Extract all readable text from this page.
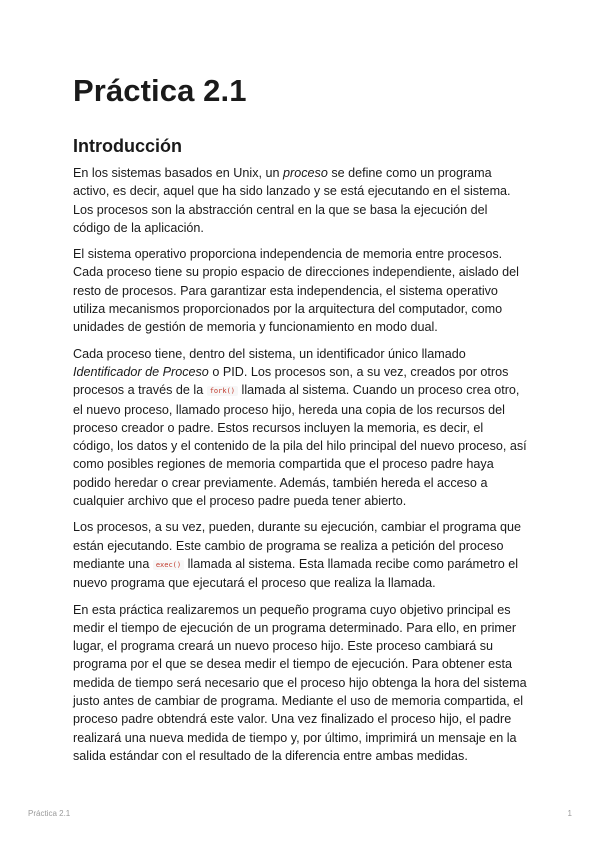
Práctica 2.1
Introducción

En los sistemas basados en Unix, un proceso se define como un programa activo, es decir, aquel que ha sido lanzado y se está ejecutando en el sistema. Los procesos son la abstracción central en la que se basa la ejecución del código de la aplicación.

El sistema operativo proporciona independencia de memoria entre procesos. Cada proceso tiene su propio espacio de direcciones independiente, aislado del resto de procesos. Para garantizar esta independencia, el sistema operativo utiliza mecanismos proporcionados por la arquitectura del computador, como unidades de gestión de memoria y funcionamiento en modo dual.

Cada proceso tiene, dentro del sistema, un identificador único llamado Identificador de Proceso o PID. Los procesos son, a su vez, creados por otros procesos a través de la fork() llamada al sistema. Cuando un proceso crea otro, el nuevo proceso, llamado proceso hijo, hereda una copia de los recursos del proceso creador o padre. Estos recursos incluyen la memoria, es decir, el código, los datos y el contenido de la pila del hilo principal del nuevo proceso, así como posibles regiones de memoria compartida que el proceso padre haya podido heredar o crear previamente. Además, también hereda el acceso a cualquier archivo que el proceso padre pueda tener abierto.

Los procesos, a su vez, pueden, durante su ejecución, cambiar el programa que están ejecutando. Este cambio de programa se realiza a petición del proceso mediante una exec() llamada al sistema. Esta llamada recibe como parámetro el nuevo programa que ejecutará el proceso que realiza la llamada.

En esta práctica realizaremos un pequeño programa cuyo objetivo principal es medir el tiempo de ejecución de un programa determinado. Para ello, en primer lugar, el programa creará un nuevo proceso hijo. Este proceso cambiará su programa por el que se desea medir el tiempo de ejecución. Para obtener esta medida de tiempo será necesario que el proceso hijo obtenga la hora del sistema justo antes de cambiar de programa. Mediante el uso de memoria compartida, el proceso padre obtendrá este valor. Una vez finalizado el proceso hijo, el padre realizará una nueva medida de tiempo y, por último, imprimirá un mensaje en la salida estándar con el resultado de la diferencia entre ambas medidas.

Práctica 2.1	1
